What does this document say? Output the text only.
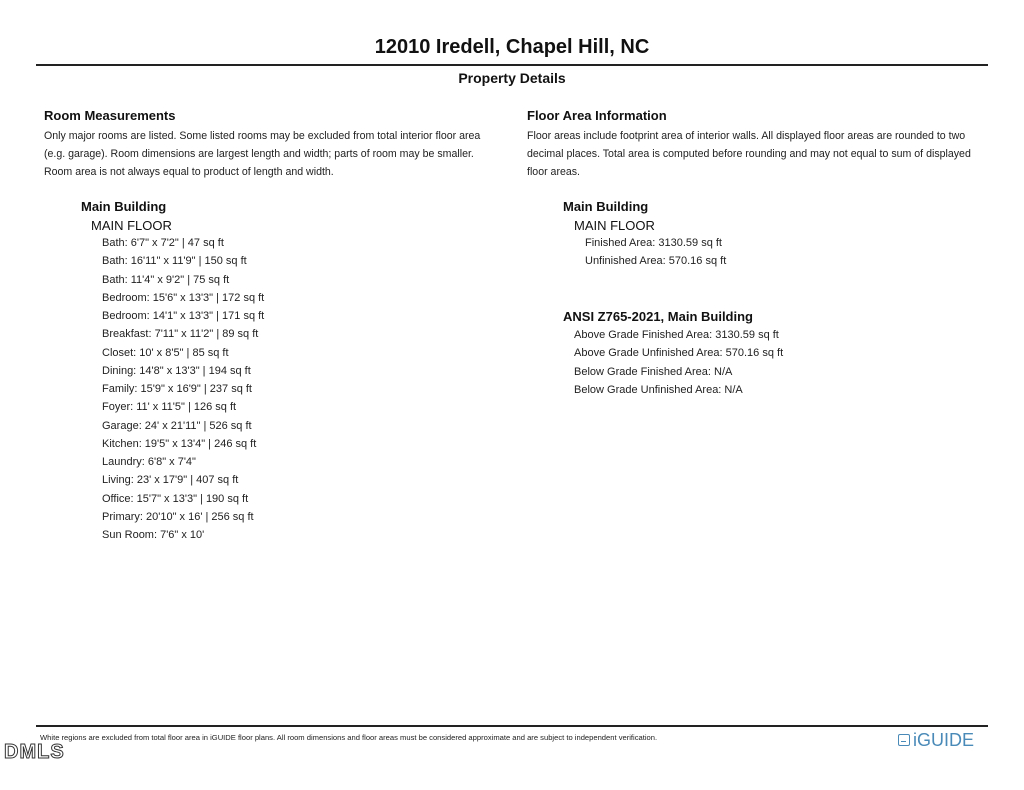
12010 Iredell, Chapel Hill, NC
Property Details
Room Measurements
Only major rooms are listed. Some listed rooms may be excluded from total interior floor area
(e.g. garage). Room dimensions are largest length and width; parts of room may be smaller.
Room area is not always equal to product of length and width.
Main Building
MAIN FLOOR
Bath: 6'7" x 7'2" | 47 sq ft
Bath: 16'11" x 11'9" | 150 sq ft
Bath: 11'4" x 9'2" | 75 sq ft
Bedroom: 15'6" x 13'3" | 172 sq ft
Bedroom: 14'1" x 13'3" | 171 sq ft
Breakfast: 7'11" x 11'2" | 89 sq ft
Closet: 10' x 8'5" | 85 sq ft
Dining: 14'8" x 13'3" | 194 sq ft
Family: 15'9" x 16'9" | 237 sq ft
Foyer: 11' x 11'5" | 126 sq ft
Garage: 24' x 21'11" | 526 sq ft
Kitchen: 19'5" x 13'4" | 246 sq ft
Laundry: 6'8" x 7'4"
Living: 23' x 17'9" | 407 sq ft
Office: 15'7" x 13'3" | 190 sq ft
Primary: 20'10" x 16' | 256 sq ft
Sun Room: 7'6" x 10'
Floor Area Information
Floor areas include footprint area of interior walls. All displayed floor areas are rounded to two
decimal places. Total area is computed before rounding and may not equal to sum of displayed
floor areas.
Main Building
MAIN FLOOR
Finished Area: 3130.59 sq ft
Unfinished Area: 570.16 sq ft
ANSI Z765-2021, Main Building
Above Grade Finished Area: 3130.59 sq ft
Above Grade Unfinished Area: 570.16 sq ft
Below Grade Finished Area: N/A
Below Grade Unfinished Area: N/A
White regions are excluded from total floor area in iGUIDE floor plans. All room dimensions and floor areas must be considered approximate and are subject to independent verification.	iGUIDE
DMLS
